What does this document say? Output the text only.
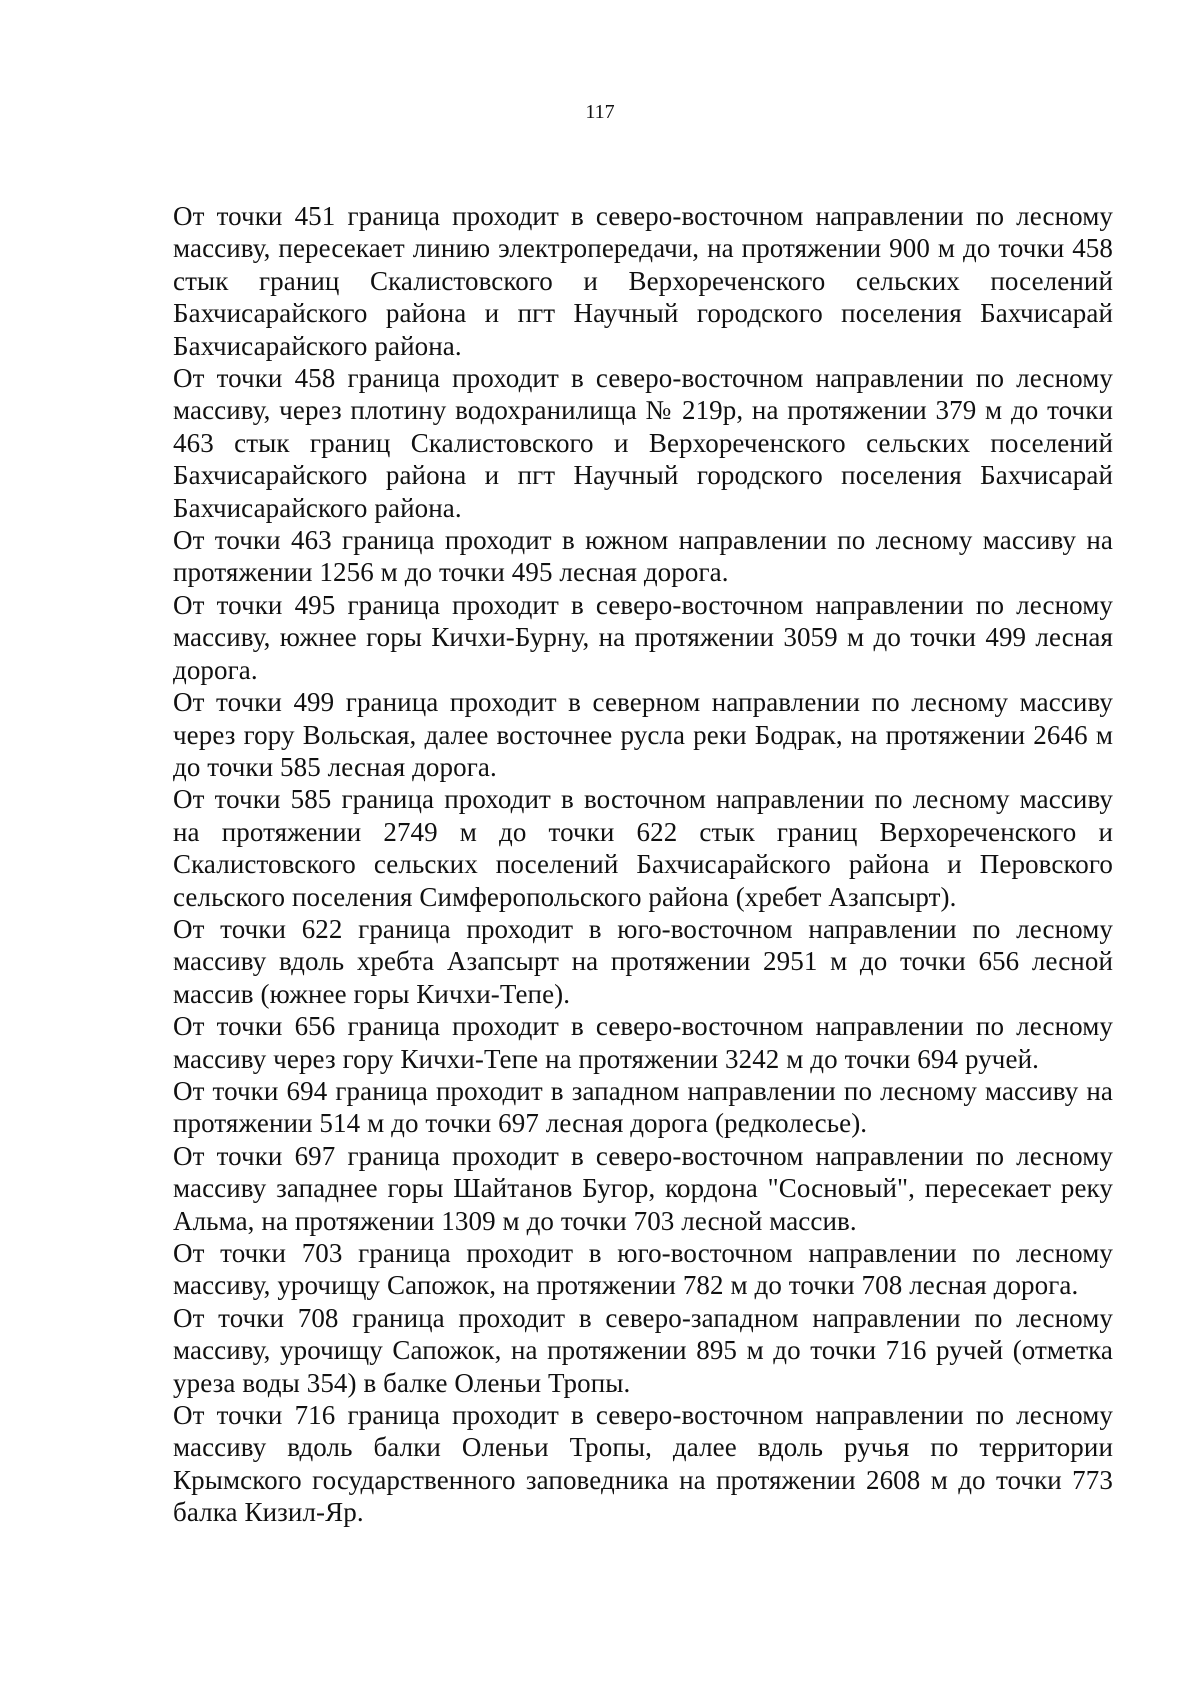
117

От точки 451 граница проходит в северо-восточном направлении по лесному массиву, пересекает линию электропередачи, на протяжении 900 м до точки 458 стык границ Скалистовского и Верхореченского сельских поселений Бахчисарайского района и пгт Научный городского поселения Бахчисарай Бахчисарайского района.

От точки 458 граница проходит в северо-восточном направлении по лесному массиву, через плотину водохранилища № 219р, на протяжении 379 м до точки 463 стык границ Скалистовского и Верхореченского сельских поселений Бахчисарайского района и пгт Научный городского поселения Бахчисарай Бахчисарайского района.

От точки 463 граница проходит в южном направлении по лесному массиву на протяжении 1256 м до точки 495 лесная дорога.

От точки 495 граница проходит в северо-восточном направлении по лесному массиву, южнее горы Кичхи-Бурну, на протяжении 3059 м до точки 499 лесная дорога.

От точки 499 граница проходит в северном направлении по лесному массиву через гору Вольская, далее восточнее русла реки Бодрак, на протяжении 2646 м до точки 585 лесная дорога.

От точки 585 граница проходит в восточном направлении по лесному массиву на протяжении 2749 м до точки 622 стык границ Верхореченского и Скалистовского сельских поселений Бахчисарайского района и Перовского сельского поселения Симферопольского района (хребет Азапсырт).

От точки 622 граница проходит в юго-восточном направлении по лесному массиву вдоль хребта Азапсырт на протяжении 2951 м до точки 656 лесной массив (южнее горы Кичхи-Тепе).

От точки 656 граница проходит в северо-восточном направлении по лесному массиву через гору Кичхи-Тепе на протяжении 3242 м до точки 694 ручей.

От точки 694 граница проходит в западном направлении по лесному массиву на протяжении 514 м до точки 697 лесная дорога (редколесье).

От точки 697 граница проходит в северо-восточном направлении по лесному массиву западнее горы Шайтанов Бугор, кордона "Сосновый", пересекает реку Альма, на протяжении 1309 м до точки 703 лесной массив.

От точки 703 граница проходит в юго-восточном направлении по лесному массиву, урочищу Сапожок, на протяжении 782 м до точки 708 лесная дорога.

От точки 708 граница проходит в северо-западном направлении по лесному массиву, урочищу Сапожок, на протяжении 895 м до точки 716 ручей (отметка уреза воды 354) в балке Оленьи Тропы.

От точки 716 граница проходит в северо-восточном направлении по лесному массиву вдоль балки Оленьи Тропы, далее вдоль ручья по территории Крымского государственного заповедника на протяжении 2608 м до точки 773 балка Кизил-Яр.
